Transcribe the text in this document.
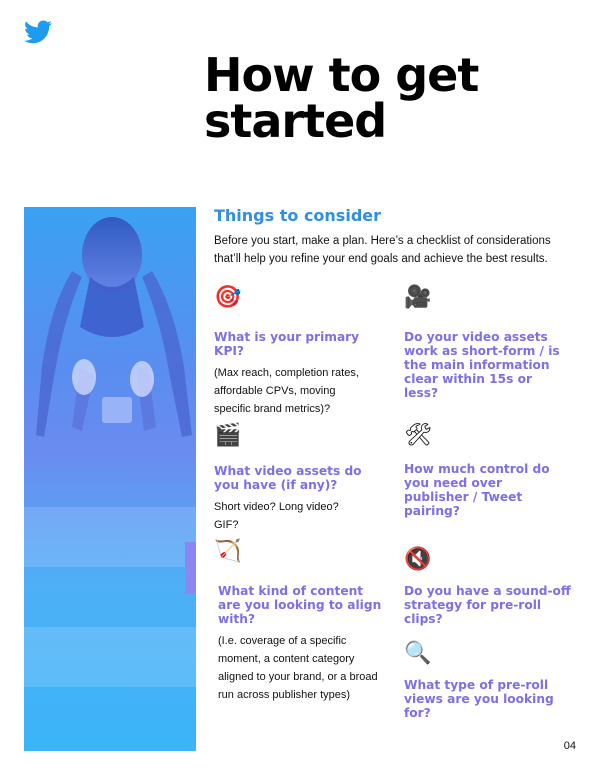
How to get
started
Things to consider

Before you start, make a plan. Here’s a checklist of considerations that’ll help you refine your end goals and achieve the best results.

🎯

What is your primary KPI?

(Max reach, completion rates, affordable CPVs, moving specific brand metrics)?

🎥

Do your video assets work as short-form / is the main information clear within 15s or less?

🎬

What video assets do you have (if any)?

Short video? Long video? GIF?

🛠

How much control do you need over publisher / Tweet pairing?

🏹

What kind of content are you looking to align with?

(I.e. coverage of a specific moment, a content category aligned to your brand, or a broad run across publisher types)

🔇

Do you have a sound-off strategy for pre-roll clips?

🔍

What type of pre-roll views are you looking for?

04
